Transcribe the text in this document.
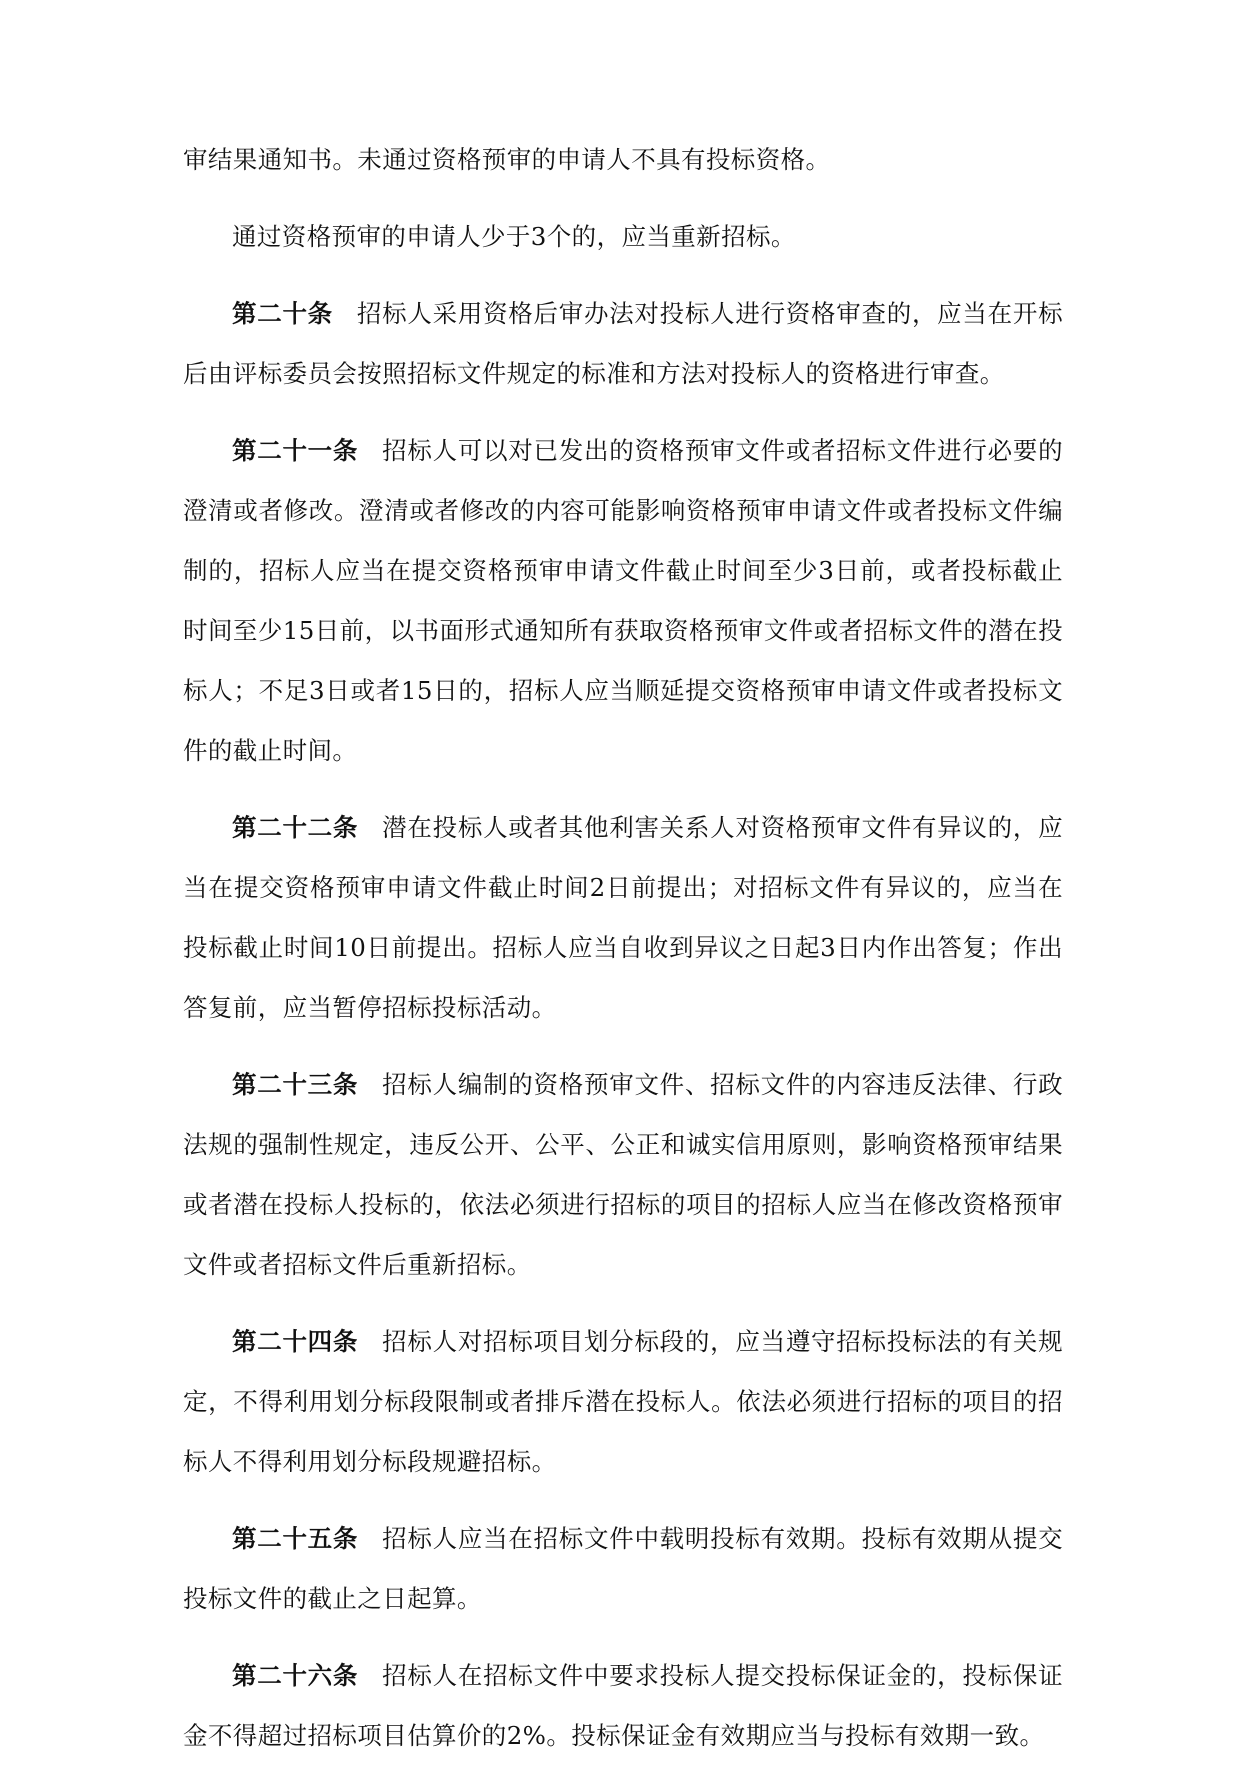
审结果通知书。未通过资格预审的申请人不具有投标资格。

通过资格预审的申请人少于3个的，应当重新招标。

第二十条 招标人采用资格后审办法对投标人进行资格审查的，应当在开标后由评标委员会按照招标文件规定的标准和方法对投标人的资格进行审查。

第二十一条 招标人可以对已发出的资格预审文件或者招标文件进行必要的澄清或者修改。澄清或者修改的内容可能影响资格预审申请文件或者投标文件编制的，招标人应当在提交资格预审申请文件截止时间至少3日前，或者投标截止时间至少15日前，以书面形式通知所有获取资格预审文件或者招标文件的潜在投标人；不足3日或者15日的，招标人应当顺延提交资格预审申请文件或者投标文件的截止时间。

第二十二条 潜在投标人或者其他利害关系人对资格预审文件有异议的，应当在提交资格预审申请文件截止时间2日前提出；对招标文件有异议的，应当在投标截止时间10日前提出。招标人应当自收到异议之日起3日内作出答复；作出答复前，应当暂停招标投标活动。

第二十三条 招标人编制的资格预审文件、招标文件的内容违反法律、行政法规的强制性规定，违反公开、公平、公正和诚实信用原则，影响资格预审结果或者潜在投标人投标的，依法必须进行招标的项目的招标人应当在修改资格预审文件或者招标文件后重新招标。

第二十四条 招标人对招标项目划分标段的，应当遵守招标投标法的有关规定，不得利用划分标段限制或者排斥潜在投标人。依法必须进行招标的项目的招标人不得利用划分标段规避招标。

第二十五条 招标人应当在招标文件中载明投标有效期。投标有效期从提交投标文件的截止之日起算。

第二十六条 招标人在招标文件中要求投标人提交投标保证金的，投标保证金不得超过招标项目估算价的2%。投标保证金有效期应当与投标有效期一致。
